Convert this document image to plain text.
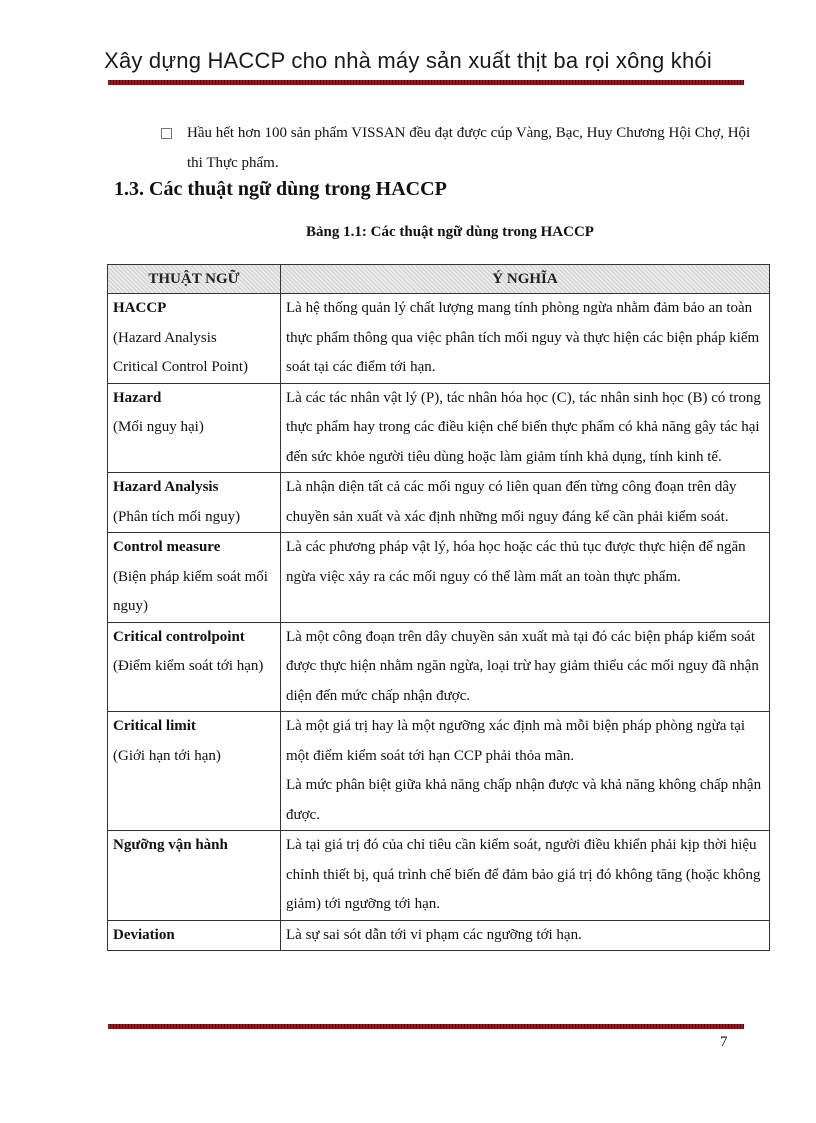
Xây dựng HACCP cho nhà máy sản xuất thịt ba rọi xông khói
Hầu hết hơn 100 sản phẩm VISSAN đều đạt được cúp Vàng, Bạc, Huy Chương Hội Chợ, Hội thi Thực phẩm.
1.3. Các thuật ngữ dùng trong HACCP
Bảng 1.1: Các thuật ngữ dùng trong HACCP
THUẬT NGỮ	Ý NGHĨA

HACCP
(Hazard Analysis
Critical Control Point)	Là hệ thống quản lý chất lượng mang tính phòng ngừa nhằm đảm bảo an toàn thực phẩm thông qua việc phân tích mối nguy và thực hiện các biện pháp kiểm soát tại các điểm tới hạn.

Hazard
(Mối nguy hại)	Là các tác nhân vật lý (P), tác nhân hóa học (C), tác nhân sinh học (B) có trong thực phẩm hay trong các điều kiện chế biến thực phẩm có khả năng gây tác hại đến sức khỏe người tiêu dùng hoặc làm giảm tính khả dụng, tính kinh tế.

Hazard Analysis
(Phân tích mối nguy)	Là nhận diện tất cả các mối nguy có liên quan đến từng công đoạn trên dây chuyền sản xuất và xác định những mối nguy đáng kể cần phải kiểm soát.

Control measure
(Biện pháp kiểm soát mối nguy)	Là các phương pháp vật lý, hóa học hoặc các thủ tục được thực hiện để ngăn ngừa việc xảy ra các mối nguy có thể làm mất an toàn thực phẩm.

Critical controlpoint
(Điểm kiểm soát tới hạn)	Là một công đoạn trên dây chuyền sản xuất mà tại đó các biện pháp kiểm soát được thực hiện nhằm ngăn ngừa, loại trừ hay giảm thiểu các mối nguy đã nhận diện đến mức chấp nhận được.

Critical limit
(Giới hạn tới hạn)	Là một giá trị hay là một ngưỡng xác định mà mỗi biện pháp phòng ngừa tại một điểm kiểm soát tới hạn CCP phải thỏa mãn.
Là mức phân biệt giữa khả năng chấp nhận được và khả năng không chấp nhận được.

Ngưỡng vận hành	Là tại giá trị đó của chỉ tiêu cần kiểm soát, người điều khiển phải kịp thời hiệu chỉnh thiết bị, quá trình chế biến để đảm bảo giá trị đó không tăng (hoặc không giảm) tới ngưỡng tới hạn.

Deviation	Là sự sai sót dẫn tới vi phạm các ngưỡng tới hạn.
7
